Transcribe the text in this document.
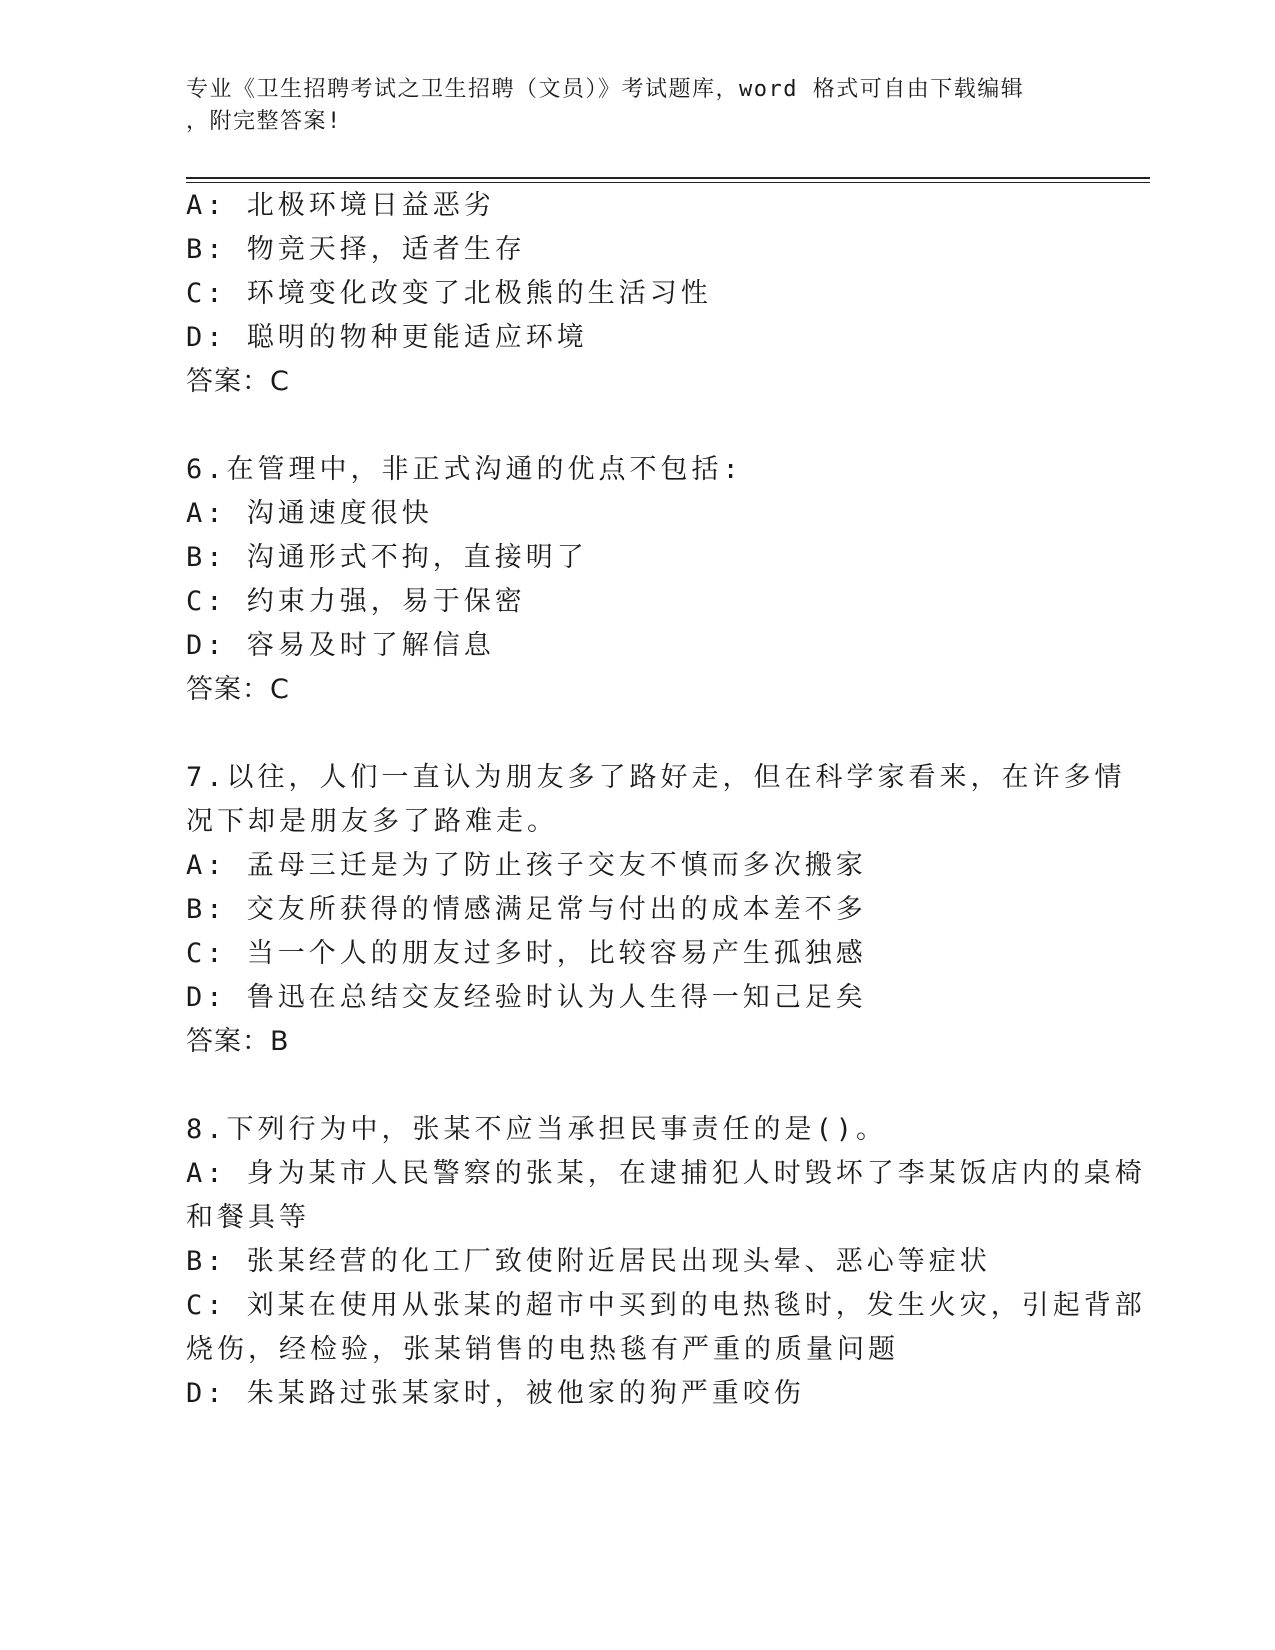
专业《卫生招聘考试之卫生招聘（文员）》考试题库，word 格式可自由下载编辑
，附完整答案!
A: 北极环境日益恶劣
B: 物竞天择，适者生存
C: 环境变化改变了北极熊的生活习性
D: 聪明的物种更能适应环境
答案：C
6.在管理中，非正式沟通的优点不包括:
A: 沟通速度很快
B: 沟通形式不拘，直接明了
C: 约束力强，易于保密
D: 容易及时了解信息
答案：C
7.以往，人们一直认为朋友多了路好走，但在科学家看来，在许多情
况下却是朋友多了路难走。
A: 孟母三迁是为了防止孩子交友不慎而多次搬家
B: 交友所获得的情感满足常与付出的成本差不多
C: 当一个人的朋友过多时，比较容易产生孤独感
D: 鲁迅在总结交友经验时认为人生得一知己足矣
答案：B
8.下列行为中，张某不应当承担民事责任的是()。
A: 身为某市人民警察的张某，在逮捕犯人时毁坏了李某饭店内的桌椅
和餐具等
B: 张某经营的化工厂致使附近居民出现头晕、恶心等症状
C: 刘某在使用从张某的超市中买到的电热毯时，发生火灾，引起背部
烧伤，经检验，张某销售的电热毯有严重的质量问题
D: 朱某路过张某家时，被他家的狗严重咬伤
